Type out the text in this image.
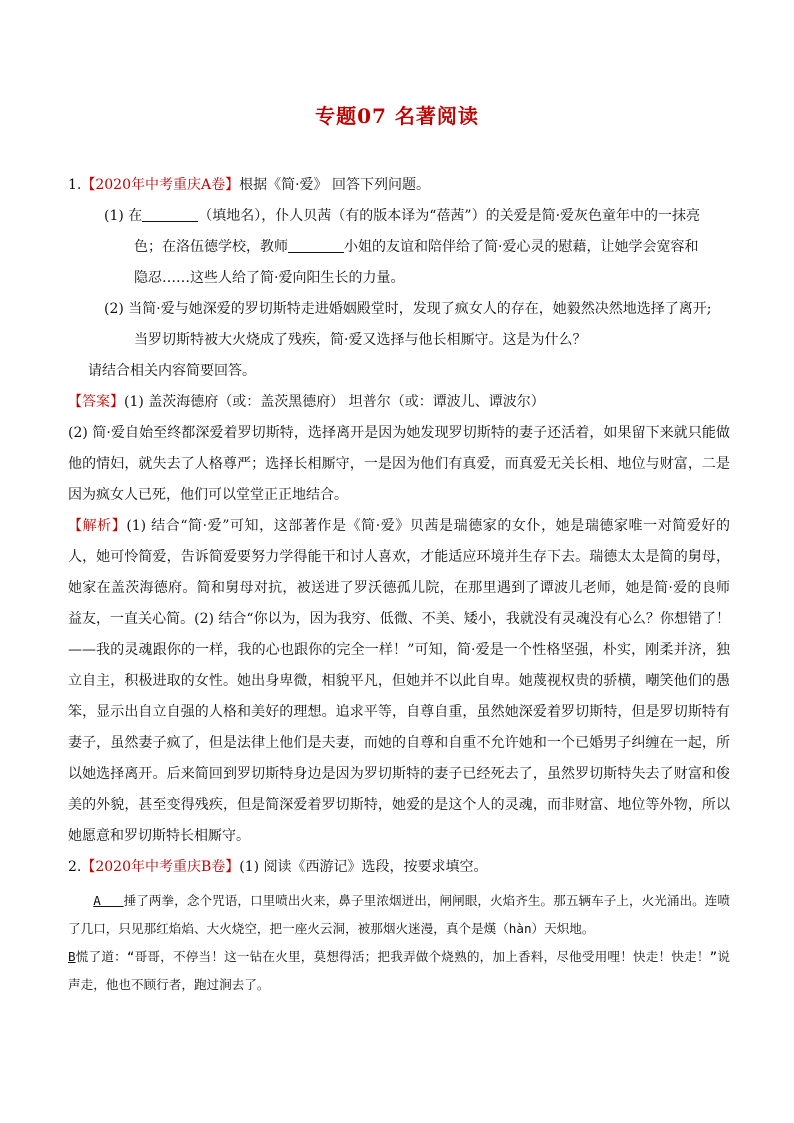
专题07 名著阅读

1.【2020年中考重庆A卷】根据《简·爱》 回答下列问题。

(1) 在	（填地名），仆人贝茜（有的版本译为“蓓茜”）的关爱是简·爱灰色童年中的一抹亮

色；在洛伍德学校，教师	小姐的友谊和陪伴给了简·爱心灵的慰藉，让她学会宽容和

隐忍……这些人给了简·爱向阳生长的力量。

(2) 当简·爱与她深爱的罗切斯特走进婚姻殿堂时，发现了疯女人的存在，她毅然决然地选择了离开;

当罗切斯特被大火烧成了残疾，简·爱又选择与他长相厮守。这是为什么？

请结合相关内容简要回答。

【答案】(1) 盖茨海德府（或：盖茨黑德府） 坦普尔（或：谭波儿、谭波尔）

(2) 简·爱自始至终都深爱着罗切斯特，选择离开是因为她发现罗切斯特的妻子还活着，如果留下来就只能做他的情妇，就失去了人格尊严；选择长相厮守，一是因为他们有真爱，而真爱无关长相、地位与财富，二是因为疯女人已死，他们可以堂堂正正地结合。

【解析】(1) 结合“简·爱”可知，这部著作是《简·爱》贝茜是瑞德家的女仆，她是瑞德家唯一对简爱好的人，她可怜简爱，告诉简爱要努力学得能干和讨人喜欢，才能适应环境并生存下去。瑞德太太是简的舅母，她家在盖茨海德府。简和舅母对抗，被送进了罗沃德孤儿院，在那里遇到了谭波儿老师，她是简·爱的良师益友，一直关心简。(2) 结合“你以为，因为我穷、低微、不美、矮小，我就没有灵魂没有心么？你想错了！——我的灵魂跟你的一样，我的心也跟你的完全一样！”可知，简·爱是一个性格坚强，朴实，刚柔并济，独立自主，积极进取的女性。她出身卑微，相貌平凡，但她并不以此自卑。她蔑视权贵的骄横，嘲笑他们的愚笨，显示出自立自强的人格和美好的理想。追求平等，自尊自重，虽然她深爱着罗切斯特，但是罗切斯特有妻子，虽然妻子疯了，但是法律上他们是夫妻，而她的自尊和自重不允许她和一个已婚男子纠缠在一起，所以她选择离开。后来简回到罗切斯特身边是因为罗切斯特的妻子已经死去了，虽然罗切斯特失去了财富和俊美的外貌，甚至变得残疾，但是简深爱着罗切斯特，她爱的是这个人的灵魂，而非财富、地位等外物，所以她愿意和罗切斯特长相厮守。

2.【2020年中考重庆B卷】(1) 阅读《西游记》选段，按要求填空。

A 捶了两拳，念个咒语，口里喷出火来，鼻子里浓烟迸出，闸闸眼，火焰齐生。那五辆车子上，火光涌出。连喷了几口，只见那红焰焰、大火烧空，把一座火云洞，被那烟火迷漫，真个是熯（hàn）天炽地。

B慌了道：“哥哥，不停当！这一钻在火里，莫想得活；把我弄做个烧熟的，加上香料，尽他受用哩！快走！快走！”说声走，他也不顾行者，跑过涧去了。
